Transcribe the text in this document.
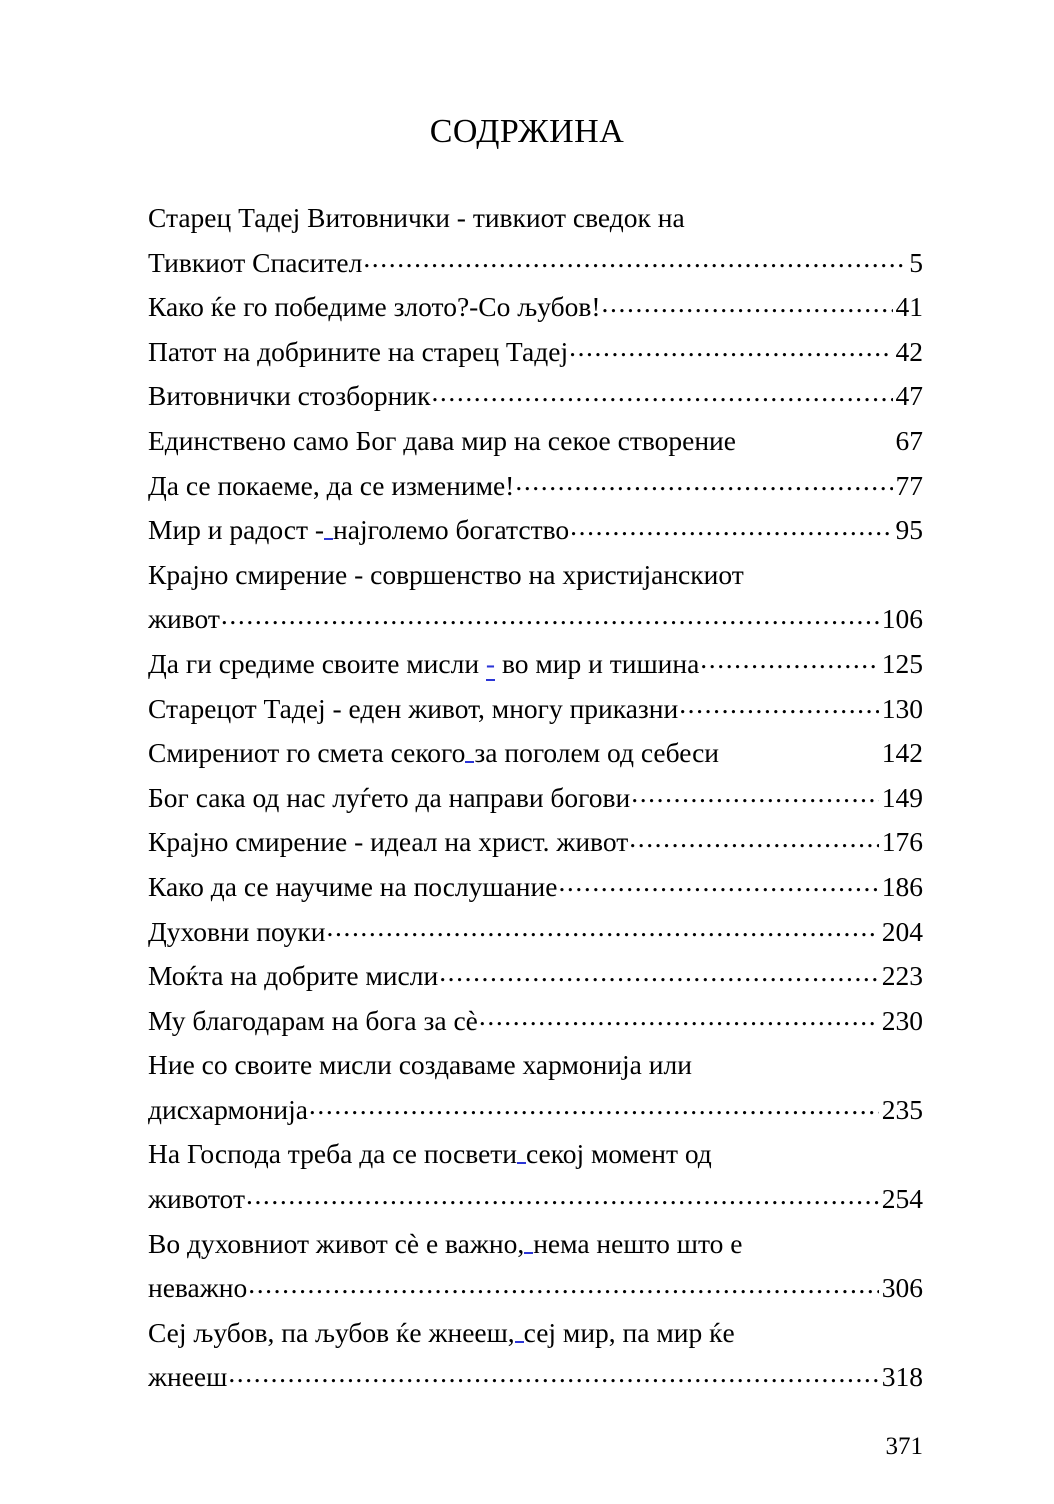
СОДРЖИНА
Старец Тадеј Витовнички - тивкиот сведок на
Тивкиот Спасител .....	5
Како ќе го победиме злото?-Со љубов! .....	41
Патот на добрините на старец Тадеј .....	42
Витовнички стозборник .....	47
Единствено само Бог дава мир на секое створение	67
Да се покаеме, да се измениме! .....	77
Мир и радост - најголемо богатство .....	95
Крајно смирение - совршенство на христијанскиот
живот .....	106
Да ги средиме своите мисли - во мир и тишина .....	125
Старецот Тадеј - еден живот, многу приказни .....	130
Смирениот го смета секого за поголем од себеси	142
Бог сака од нас луѓето да направи богови .....	149
Крајно смирение - идеал на христ. живот .....	176
Како да се научиме на послушание .....	186
Духовни поуки .....	204
Моќта на добрите мисли .....	223
Му благодарам на бога за сѐ .....	230
Ние со своите мисли создаваме хармонија или
дисхармонија .....	235
На Господа треба да се посвети секој момент од
животот .....	254
Во духовниот живот сѐ е важно, нема нешто што е
неважно .....	306
Сеј љубов, па љубов ќе жнееш, сеј мир, па мир ќе
жнееш .....	318
371
